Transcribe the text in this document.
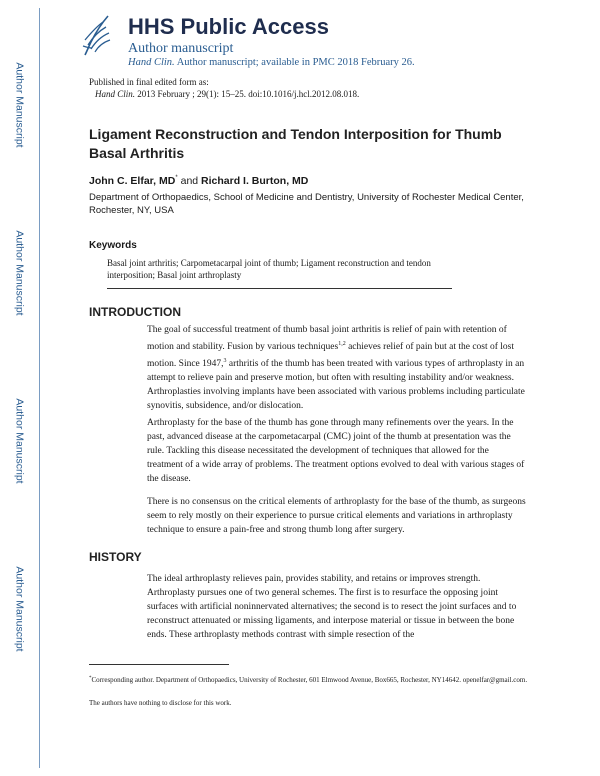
Author Manuscript
Author Manuscript
Author Manuscript
Author Manuscript
HHS Public Access
Author manuscript
Hand Clin. Author manuscript; available in PMC 2018 February 26.
Published in final edited form as:
Hand Clin. 2013 February ; 29(1): 15–25. doi:10.1016/j.hcl.2012.08.018.
Ligament Reconstruction and Tendon Interposition for Thumb Basal Arthritis
John C. Elfar, MD* and Richard I. Burton, MD
Department of Orthopaedics, School of Medicine and Dentistry, University of Rochester Medical Center, Rochester, NY, USA
Keywords
Basal joint arthritis; Carpometacarpal joint of thumb; Ligament reconstruction and tendon interposition; Basal joint arthroplasty
INTRODUCTION
The goal of successful treatment of thumb basal joint arthritis is relief of pain with retention of motion and stability. Fusion by various techniques$^{1,2}$ achieves relief of pain but at the cost of lost motion. Since 1947,$^3$ arthritis of the thumb has been treated with various types of arthroplasty in an attempt to relieve pain and preserve motion, but often with resulting instability and/or weakness. Arthroplasties involving implants have been associated with various problems including particulate synovitis, subsidence, and/or dislocation.
Arthroplasty for the base of the thumb has gone through many refinements over the years. In the past, advanced disease at the carpometacarpal (CMC) joint of the thumb at presentation was the rule. Tackling this disease necessitated the development of techniques that allowed for the treatment of a wide array of problems. The treatment options evolved to deal with various stages of the disease.
There is no consensus on the critical elements of arthroplasty for the base of the thumb, as surgeons seem to rely mostly on their experience to pursue critical elements and variations in arthroplasty technique to ensure a pain-free and strong thumb long after surgery.
HISTORY
The ideal arthroplasty relieves pain, provides stability, and retains or improves strength. Arthroplasty pursues one of two general schemes. The first is to resurface the opposing joint surfaces with artificial noninnervated alternatives; the second is to resect the joint surfaces and to reconstruct attenuated or missing ligaments, and interpose material or tissue in between the bone ends. These arthroplasty methods contrast with simple resection of the
*Corresponding author. Department of Orthopaedics, University of Rochester, 601 Elmwood Avenue, Box665, Rochester, NY14642. openelfar@gmail.com.
The authors have nothing to disclose for this work.
